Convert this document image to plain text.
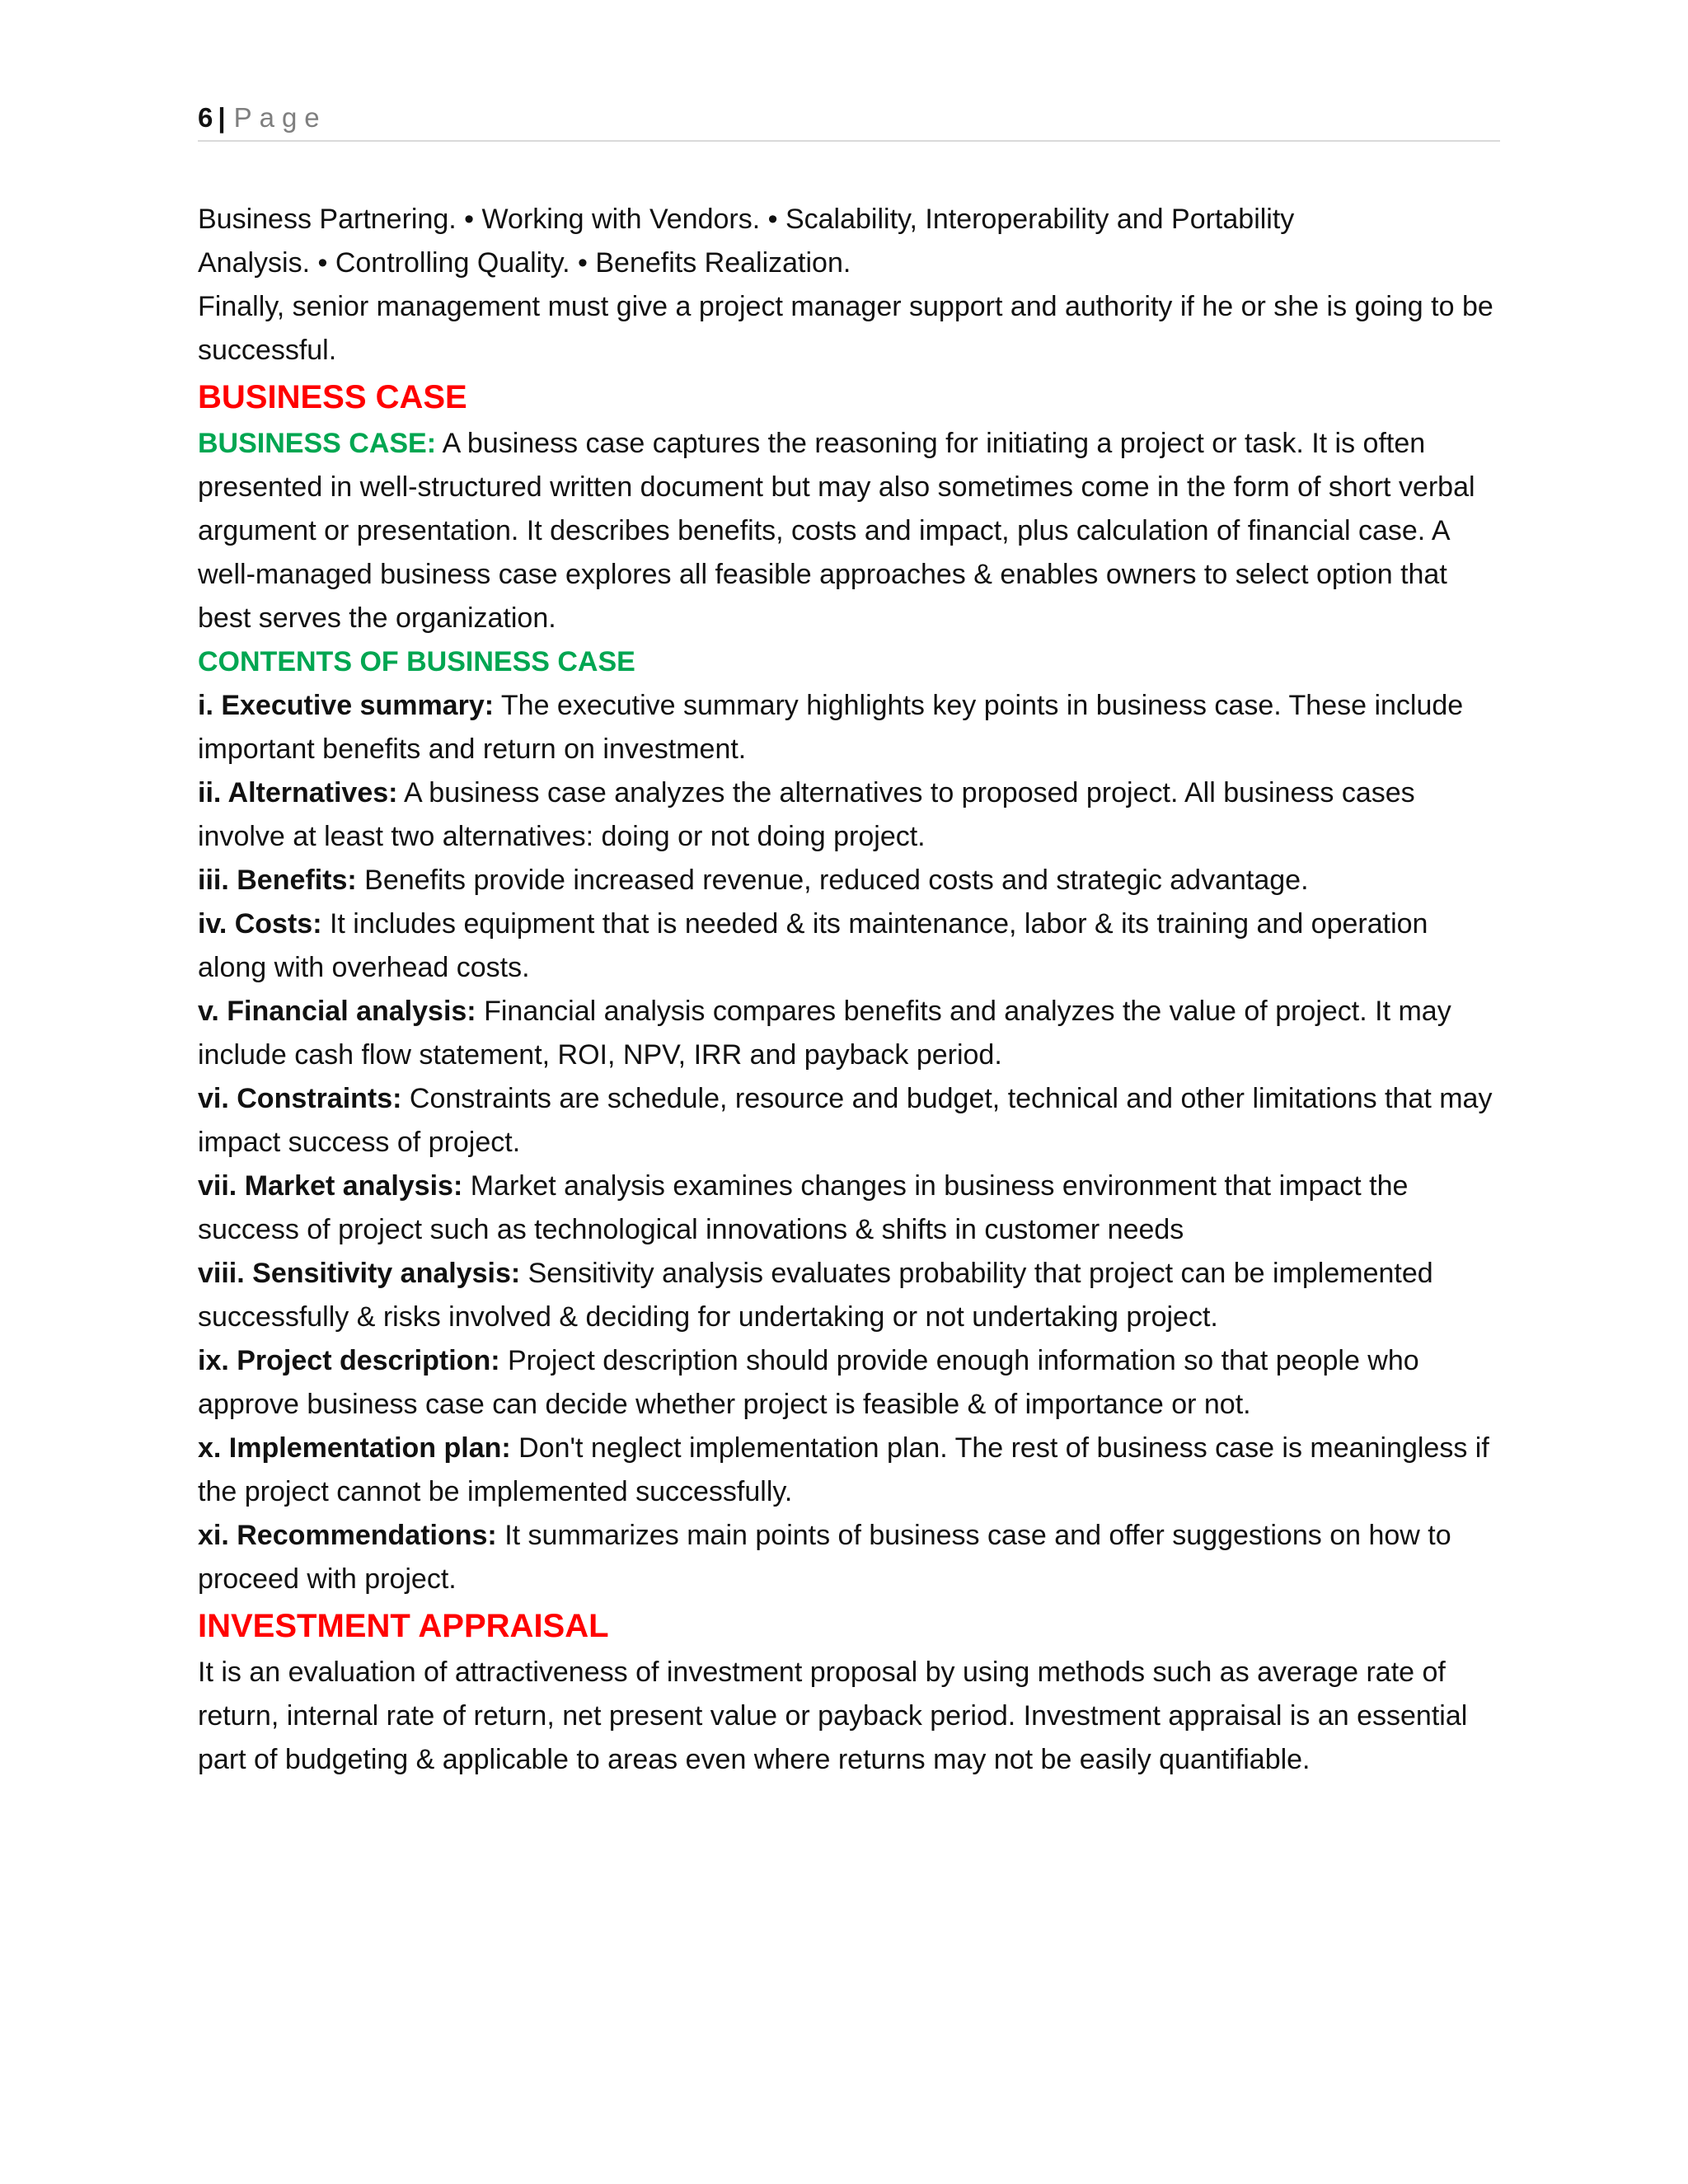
6 | Page

Business Partnering. • Working with Vendors. • Scalability, Interoperability and Portability
Analysis. • Controlling Quality. • Benefits Realization.

Finally, senior management must give a project manager support and authority if he or she is going to be successful.

BUSINESS CASE

BUSINESS CASE: A business case captures the reasoning for initiating a project or task. It is often presented in well-structured written document but may also sometimes come in the form of short verbal argument or presentation. It describes benefits, costs and impact, plus calculation of financial case. A well-managed business case explores all feasible approaches & enables owners to select option that best serves the organization.

CONTENTS OF BUSINESS CASE

i. Executive summary: The executive summary highlights key points in business case. These include important benefits and return on investment.

ii. Alternatives: A business case analyzes the alternatives to proposed project. All business cases involve at least two alternatives: doing or not doing project.

iii. Benefits: Benefits provide increased revenue, reduced costs and strategic advantage.

iv. Costs: It includes equipment that is needed & its maintenance, labor & its training and operation along with overhead costs.

v. Financial analysis: Financial analysis compares benefits and analyzes the value of project. It may include cash flow statement, ROI, NPV, IRR and payback period.

vi. Constraints: Constraints are schedule, resource and budget, technical and other limitations that may impact success of project.

vii. Market analysis: Market analysis examines changes in business environment that impact the success of project such as technological innovations & shifts in customer needs

viii. Sensitivity analysis: Sensitivity analysis evaluates probability that project can be implemented successfully & risks involved & deciding for undertaking or not undertaking project.

ix. Project description: Project description should provide enough information so that people who approve business case can decide whether project is feasible & of importance or not.

x. Implementation plan: Don't neglect implementation plan. The rest of business case is meaningless if the project cannot be implemented successfully.

xi. Recommendations: It summarizes main points of business case and offer suggestions on how to proceed with project.

INVESTMENT APPRAISAL

It is an evaluation of attractiveness of investment proposal by using methods such as average rate of return, internal rate of return, net present value or payback period. Investment appraisal is an essential part of budgeting & applicable to areas even where returns may not be easily quantifiable.
